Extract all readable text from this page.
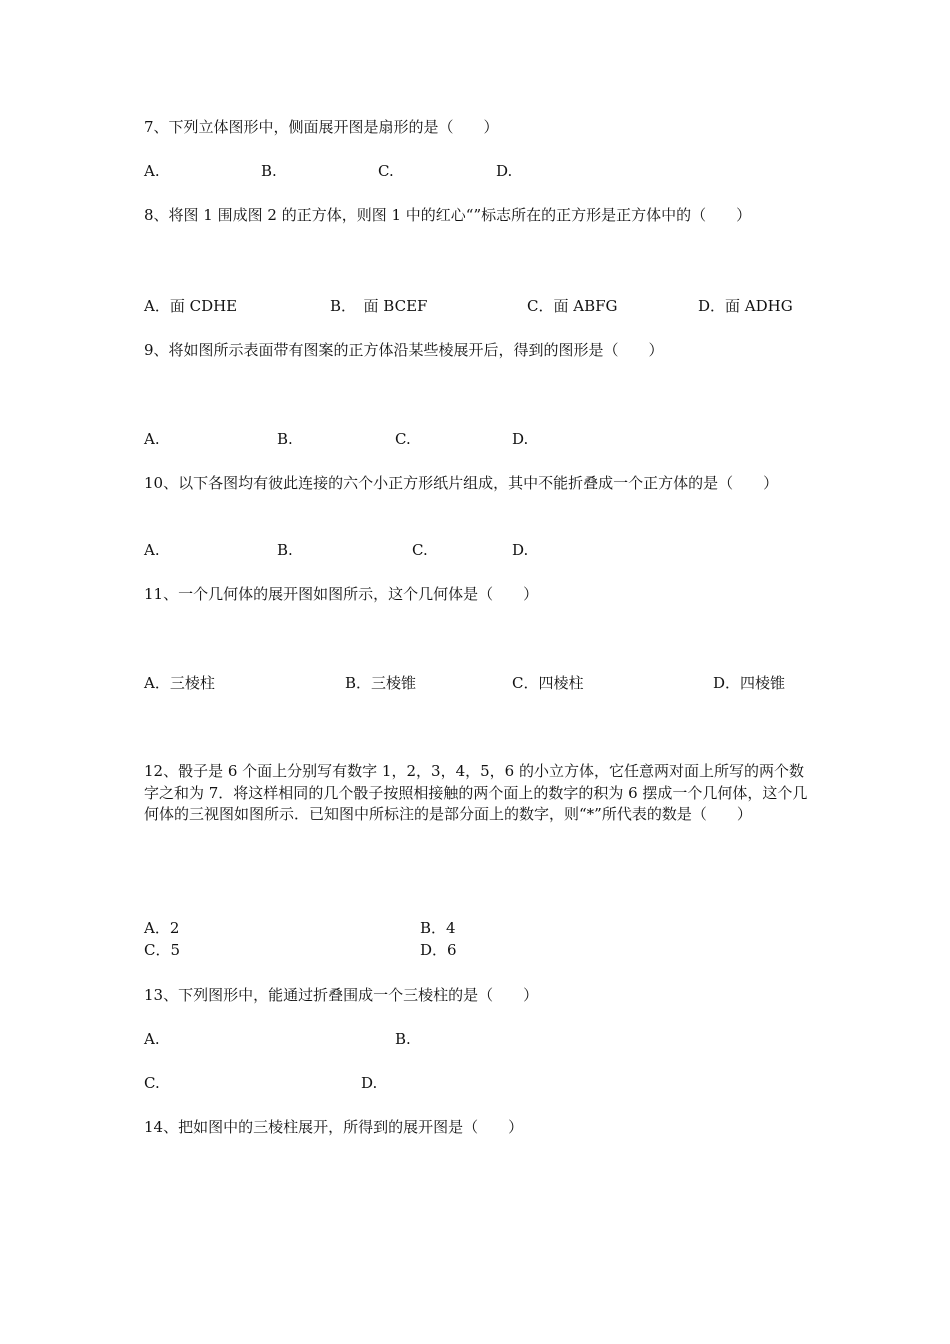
7、下列立体图形中，侧面展开图是扇形的是（　　）
A.	B.	C.	D.
8、将图 1 围成图 2 的正方体，则图 1 中的红心“”标志所在的正方形是正方体中的（　　）
A．面 CDHE	B．　面 BCEF	C．面 ABFG	D．面 ADHG
9、将如图所示表面带有图案的正方体沿某些棱展开后，得到的图形是（　　）
A.	B.	C.	D.
10、以下各图均有彼此连接的六个小正方形纸片组成，其中不能折叠成一个正方体的是（　　）
A.	B.	C.	D.
11、一个几何体的展开图如图所示，这个几何体是（　　）
A．三棱柱	B．三棱锥	C．四棱柱	D．四棱锥
12、骰子是 6 个面上分别写有数字 1，2，3，4，5，6 的小立方体，它任意两对面上所写的两个数字之和为 7．将这样相同的几个骰子按照相接触的两个面上的数字的积为 6 摆成一个几何体，这个几何体的三视图如图所示．已知图中所标注的是部分面上的数字，则“*”所代表的数是（　　）
A．2	B．4
C．5	D．6
13、下列图形中，能通过折叠围成一个三棱柱的是（　　）
A.	B.
C.	D.
14、把如图中的三棱柱展开，所得到的展开图是（　　）
